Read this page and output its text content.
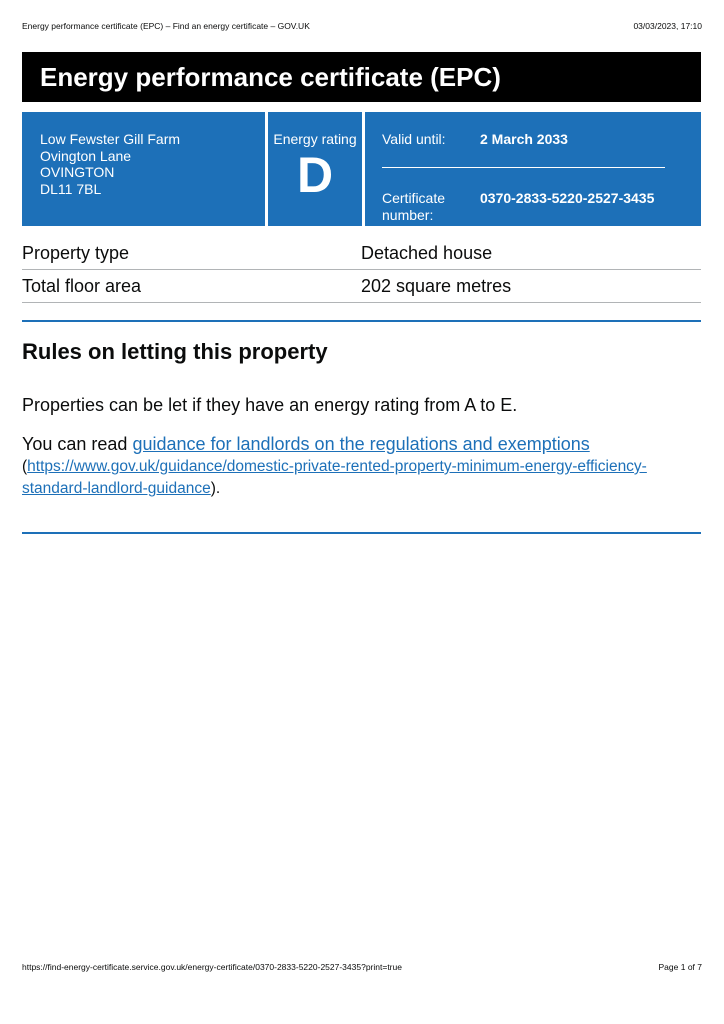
Energy performance certificate (EPC) – Find an energy certificate – GOV.UK	03/03/2023, 17:10
Energy performance certificate (EPC)
Low Fewster Gill Farm
Ovington Lane
OVINGTON
DL11 7BL
Energy rating
D
Valid until: 2 March 2033
Certificate number:
0370-2833-5220-2527-3435
Property type	Detached house
Total floor area	202 square metres
Rules on letting this property

Properties can be let if they have an energy rating from A to E.

You can read guidance for landlords on the regulations and exemptions
(https://www.gov.uk/guidance/domestic-private-rented-property-minimum-energy-efficiency-
standard-landlord-guidance).

https://find-energy-certificate.service.gov.uk/energy-certificate/0370-2833-5220-2527-3435?print=true	Page 1 of 7
